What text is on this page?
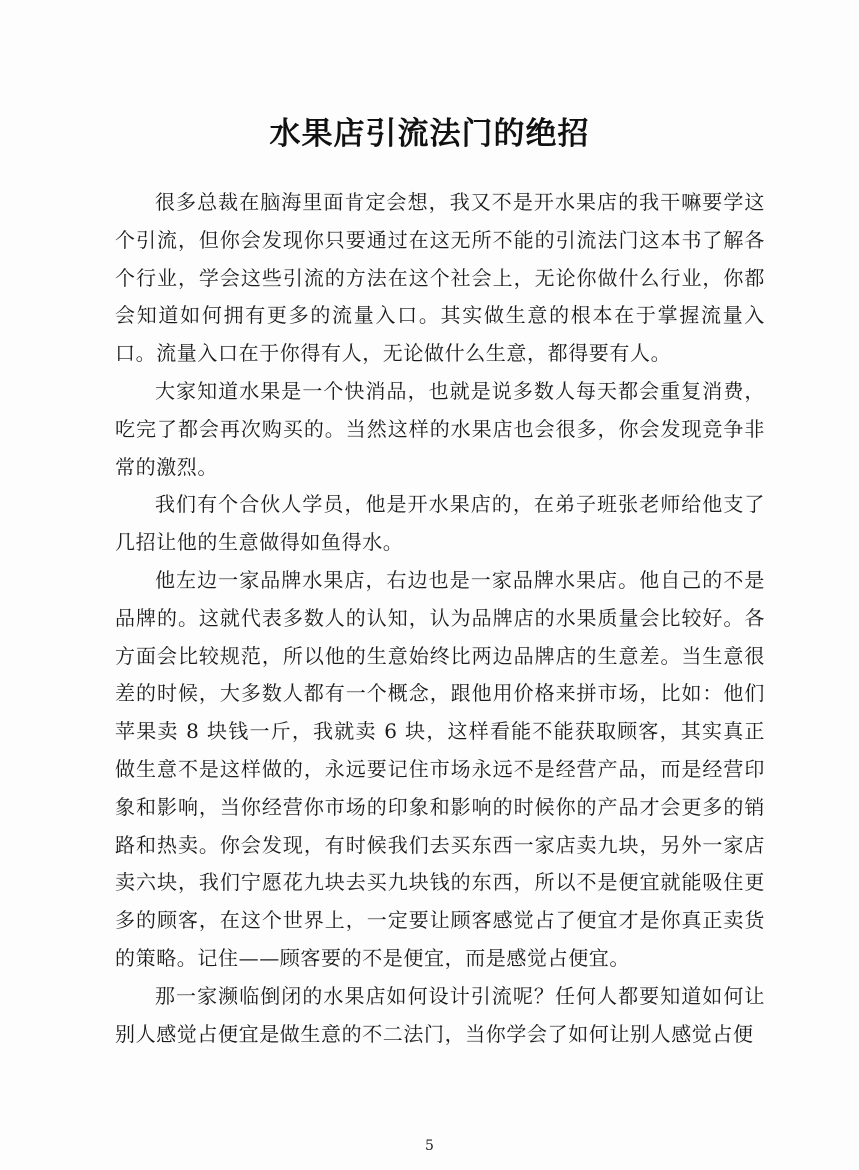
水果店引流法门的绝招

很多总裁在脑海里面肯定会想，我又不是开水果店的我干嘛要学这个引流，但你会发现你只要通过在这无所不能的引流法门这本书了解各个行业，学会这些引流的方法在这个社会上，无论你做什么行业，你都会知道如何拥有更多的流量入口。其实做生意的根本在于掌握流量入口。流量入口在于你得有人，无论做什么生意，都得要有人。

大家知道水果是一个快消品，也就是说多数人每天都会重复消费，吃完了都会再次购买的。当然这样的水果店也会很多，你会发现竞争非常的激烈。

我们有个合伙人学员，他是开水果店的，在弟子班张老师给他支了几招让他的生意做得如鱼得水。

他左边一家品牌水果店，右边也是一家品牌水果店。他自己的不是品牌的。这就代表多数人的认知，认为品牌店的水果质量会比较好。各方面会比较规范，所以他的生意始终比两边品牌店的生意差。当生意很差的时候，大多数人都有一个概念，跟他用价格来拼市场，比如：他们苹果卖 8 块钱一斤，我就卖 6 块，这样看能不能获取顾客，其实真正做生意不是这样做的，永远要记住市场永远不是经营产品，而是经营印象和影响，当你经营你市场的印象和影响的时候你的产品才会更多的销路和热卖。你会发现，有时候我们去买东西一家店卖九块，另外一家店卖六块，我们宁愿花九块去买九块钱的东西，所以不是便宜就能吸住更多的顾客，在这个世界上，一定要让顾客感觉占了便宜才是你真正卖货的策略。记住——顾客要的不是便宜，而是感觉占便宜。

那一家濒临倒闭的水果店如何设计引流呢？任何人都要知道如何让别人感觉占便宜是做生意的不二法门，当你学会了如何让别人感觉占便

5
